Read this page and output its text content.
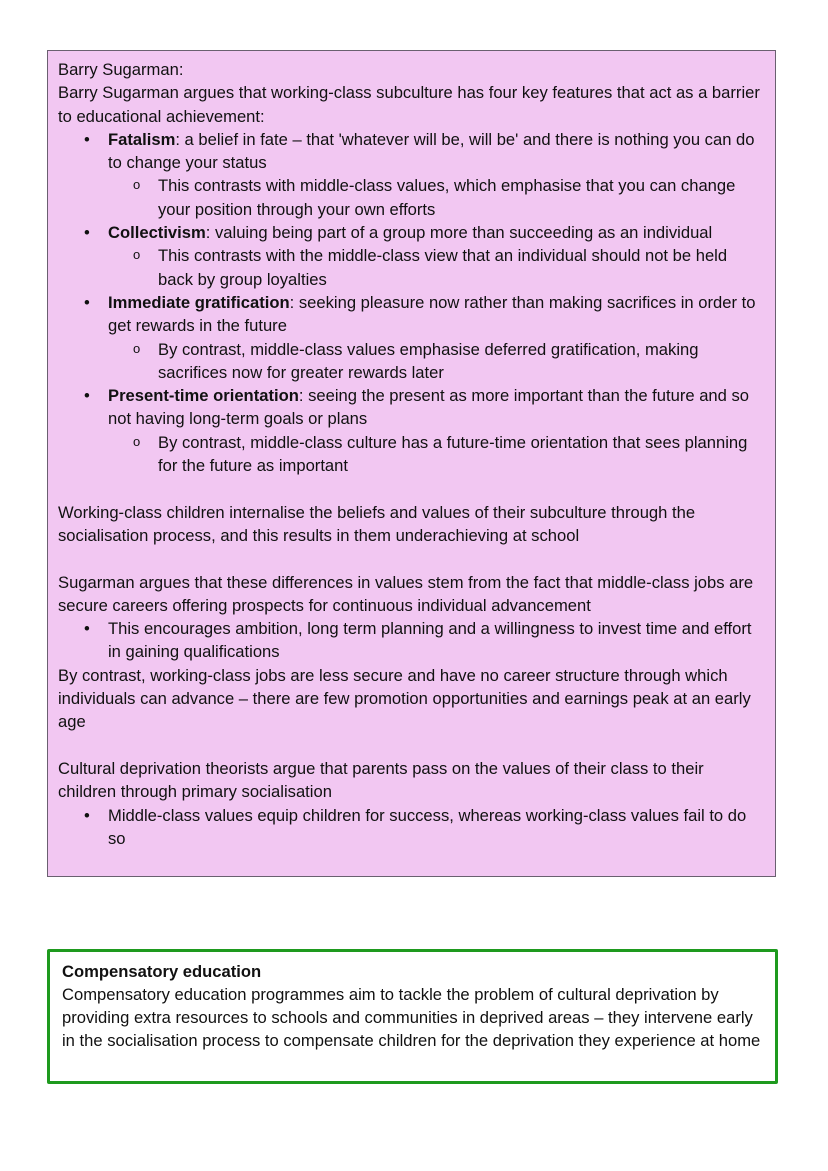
Barry Sugarman:

Barry Sugarman argues that working-class subculture has four key features that act as a barrier to educational achievement:

• Fatalism: a belief in fate – that 'whatever will be, will be' and there is nothing you can do to change your status
o This contrasts with middle-class values, which emphasise that you can change your position through your own efforts
• Collectivism: valuing being part of a group more than succeeding as an individual
o This contrasts with the middle-class view that an individual should not be held back by group loyalties
• Immediate gratification: seeking pleasure now rather than making sacrifices in order to get rewards in the future
o By contrast, middle-class values emphasise deferred gratification, making sacrifices now for greater rewards later
• Present-time orientation: seeing the present as more important than the future and so not having long-term goals or plans
o By contrast, middle-class culture has a future-time orientation that sees planning for the future as important

Working-class children internalise the beliefs and values of their subculture through the socialisation process, and this results in them underachieving at school

Sugarman argues that these differences in values stem from the fact that middle-class jobs are secure careers offering prospects for continuous individual advancement

• This encourages ambition, long term planning and a willingness to invest time and effort in gaining qualifications

By contrast, working-class jobs are less secure and have no career structure through which individuals can advance – there are few promotion opportunities and earnings peak at an early age

Cultural deprivation theorists argue that parents pass on the values of their class to their children through primary socialisation

• Middle-class values equip children for success, whereas working-class values fail to do so

Compensatory education

Compensatory education programmes aim to tackle the problem of cultural deprivation by providing extra resources to schools and communities in deprived areas – they intervene early in the socialisation process to compensate children for the deprivation they experience at home
